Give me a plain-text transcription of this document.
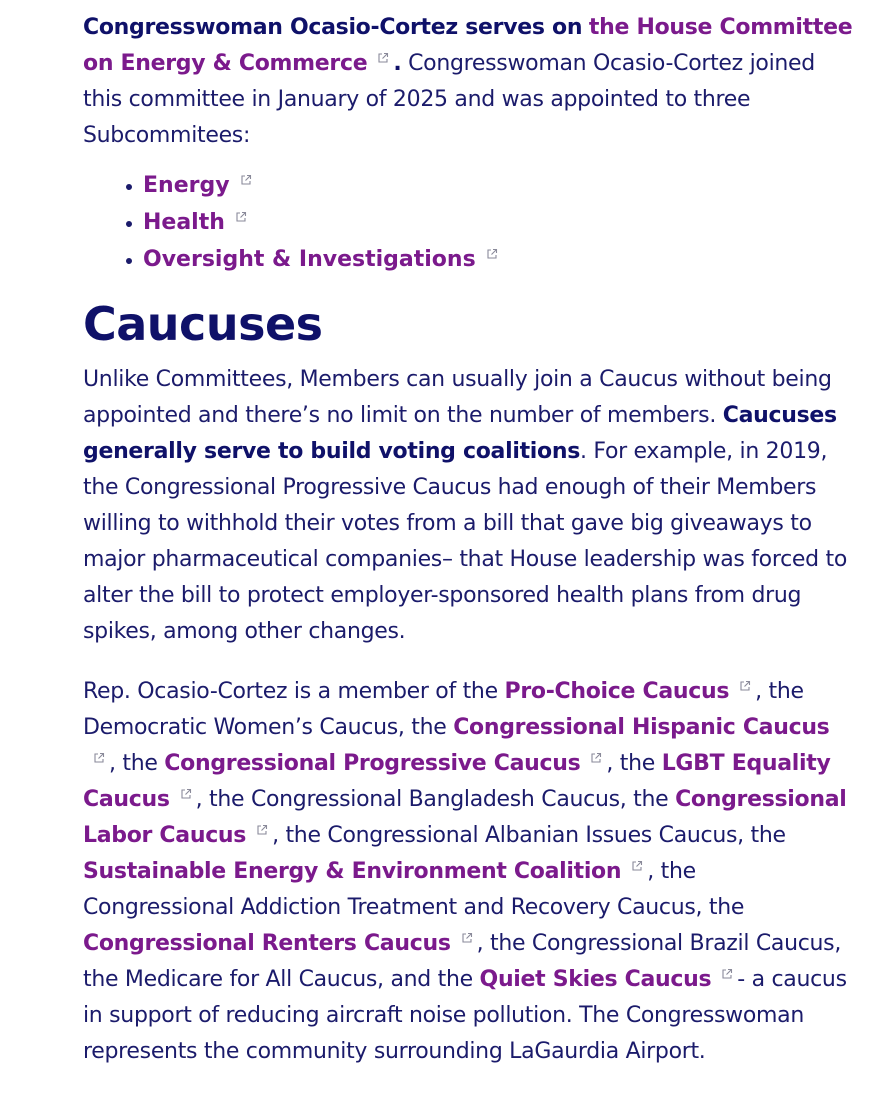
Congresswoman Ocasio-Cortez serves on the House Committee on Energy & Commerce . Congresswoman Ocasio-Cortez joined this committee in January of 2025 and was appointed to three Subcommitees:

Energy
Health
Oversight & Investigations
Caucuses

Unlike Committees, Members can usually join a Caucus without being appointed and there’s no limit on the number of members. Caucuses generally serve to build voting coalitions. For example, in 2019, the Congressional Progressive Caucus had enough of their Members willing to withhold their votes from a bill that gave big giveaways to major pharmaceutical companies– that House leadership was forced to alter the bill to protect employer-sponsored health plans from drug spikes, among other changes.

Rep. Ocasio-Cortez is a member of the Pro-Choice Caucus , the Democratic Women’s Caucus, the Congressional Hispanic Caucus
, the Congressional Progressive Caucus , the LGBT Equality Caucus , the Congressional Bangladesh Caucus, the Congressional Labor Caucus , the Congressional Albanian Issues Caucus, the Sustainable Energy & Environment Coalition , the Congressional Addiction Treatment and Recovery Caucus, the Congressional Renters Caucus , the Congressional Brazil Caucus, the Medicare for All Caucus, and the Quiet Skies Caucus - a caucus in support of reducing aircraft noise pollution. The Congresswoman represents the community surrounding LaGaurdia Airport.
